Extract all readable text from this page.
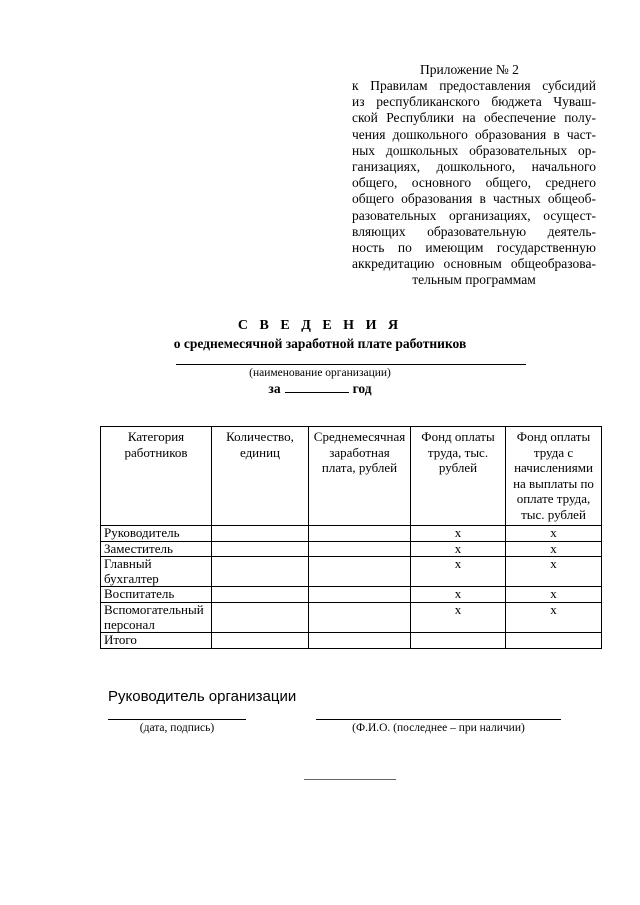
Приложение № 2
к Правилам предоставления субсидий
из республиканского бюджета Чуваш-
ской Республики на обеспечение полу-
чения дошкольного образования в част-
ных дошкольных образовательных ор-
ганизациях, дошкольного, начального
общего, основного общего, среднего
общего образования в частных общеоб-
разовательных организациях, осущест-
вляющих образовательную деятель-
ность по имеющим государственную
аккредитацию основным общеобразова-
тельным программам
С В Е Д Е Н И Я
о среднемесячной заработной плате работников
(наименование организации)
за	год
Категория работников	Количество, единиц	Среднемесячная заработная плата, рублей	Фонд оплаты труда, тыс. рублей	Фонд оплаты труда с начислениями на выплаты по оплате труда, тыс. рублей
Руководитель			х	х
Заместитель			х	х
Главный бухгалтер			х	х
Воспитатель			х	х
Вспомогательный персонал			х	х
Итого				
Руководитель организации
(дата, подпись)	(Ф.И.О. (последнее – при наличии)
